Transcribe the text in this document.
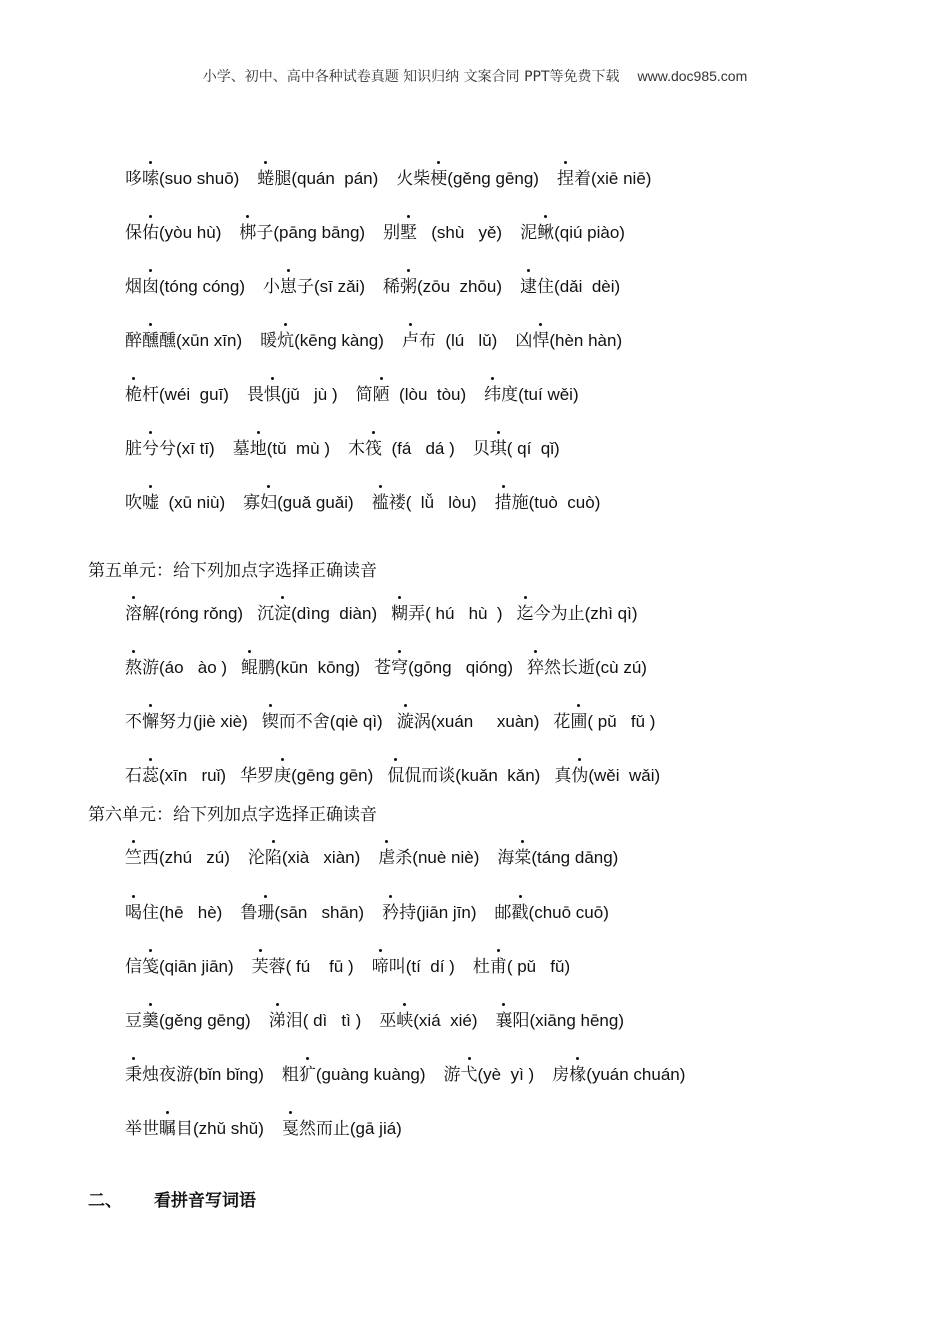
小学、初中、高中各种试卷真题 知识归纳 文案合同 PPT等免费下载 www.doc985.com
哆嗦(suo shuō) 蜷腿(quán  pán) 火柴梗(gěng gēng) 捏着(xiē niē)
保佑(yòu hù) 梆子(pāng bāng) 别墅   (shù   yě) 泥鳅(qiú piào)
烟囱(tóng cóng) 小崽子(sī zǎi) 稀粥(zōu  zhōu) 逮住(dǎi  dèi)
醉醺醺(xūn xīn) 暖炕(kēng kàng) 卢布  (lú   lǔ) 凶悍(hèn hàn)
桅杆(wéi  guī) 畏惧(jǔ   jù ) 简陋  (lòu  tòu) 纬度(tuí wěi)
脏兮兮(xī tī) 墓地(tǔ  mù ) 木筏  (fá   dá ) 贝琪( qí  qǐ)
吹嘘  (xū niù) 寡妇(guǎ guǎi) 褴褛(  lǚ   lòu) 措施(tuò  cuò)
第五单元：给下列加点字选择正确读音
溶解(róng rǒng) 沉淀(dìng  diàn) 糊弄( hú   hù  ) 迄今为止(zhì qì)
熬游(áo   ào ) 鲲鹏(kūn  kōng) 苍穹(gōng   qióng) 猝然长逝(cù zú)
不懈努力(jiè xiè) 锲而不舍(qiè qì) 漩涡(xuán     xuàn) 花圃( pǔ   fǔ )
石蕊(xīn   ruǐ) 华罗庚(gēng gēn) 侃侃而谈(kuǎn  kǎn) 真伪(wěi  wǎi)
第六单元：给下列加点字选择正确读音
竺西(zhú   zú) 沦陷(xià   xiàn) 虐杀(nuè niè) 海棠(táng dāng)
喝住(hē   hè) 鲁珊(sān   shān) 矜持(jiān jīn) 邮戳(chuō cuō)
信笺(qiān jiān) 芙蓉( fú    fū ) 啼叫(tí  dí ) 杜甫( pǔ   fǔ)
豆羹(gěng gēng) 涕泪( dì   tì ) 巫峡(xiá  xié) 襄阳(xiāng hēng)
秉烛夜游(bǐn bǐng) 粗犷(guàng kuàng) 游弋(yè  yì ) 房椽(yuán chuán)
举世瞩目(zhǔ shǔ) 戛然而止(gā jiá)
二、 看拼音写词语
